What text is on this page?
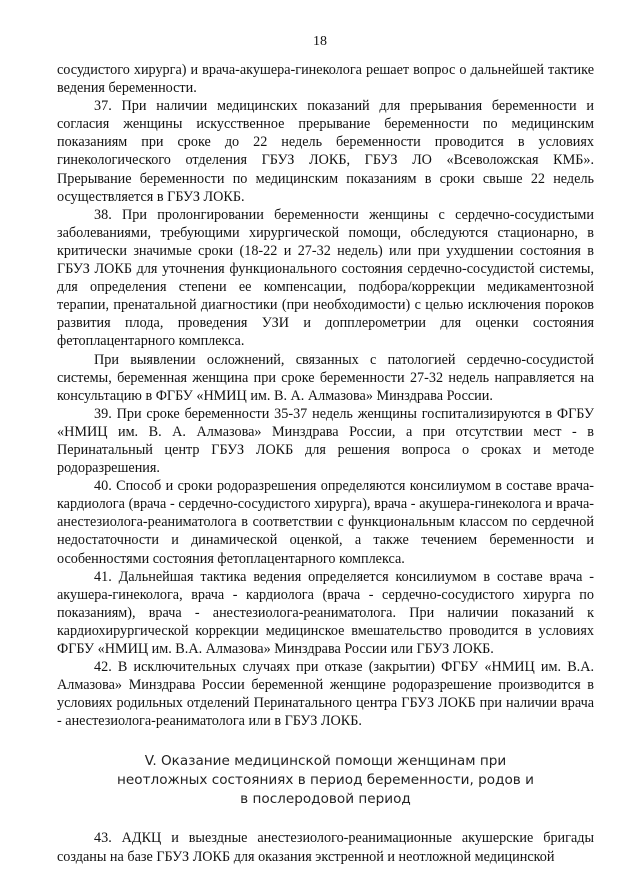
18

сосудистого хирурга) и врача-акушера-гинеколога решает вопрос о дальнейшей тактике ведения беременности.

37. При наличии медицинских показаний для прерывания беременности и согласия женщины искусственное прерывание беременности по медицинским показаниям при сроке до 22 недель беременности проводится в условиях гинекологического отделения ГБУЗ ЛОКБ, ГБУЗ ЛО «Всеволожская КМБ». Прерывание беременности по медицинским показаниям в сроки свыше 22 недель осуществляется в ГБУЗ ЛОКБ.

38. При пролонгировании беременности женщины с сердечно-сосудистыми заболеваниями, требующими хирургической помощи, обследуются стационарно, в критически значимые сроки (18-22 и 27-32 недель) или при ухудшении состояния в ГБУЗ ЛОКБ для уточнения функционального состояния сердечно-сосудистой системы, для определения степени ее компенсации, подбора/коррекции медикаментозной терапии, пренатальной диагностики (при необходимости) с целью исключения пороков развития плода, проведения УЗИ и допплерометрии для оценки состояния фетоплацентарного комплекса.

При выявлении осложнений, связанных с патологией сердечно-сосудистой системы, беременная женщина при сроке беременности 27-32 недель направляется на консультацию в ФГБУ «НМИЦ им. В. А. Алмазова» Минздрава России.

39. При сроке беременности 35-37 недель женщины госпитализируются в ФГБУ «НМИЦ им. В. А. Алмазова» Минздрава России, а при отсутствии мест - в Перинатальный центр ГБУЗ ЛОКБ для решения вопроса о сроках и методе родоразрешения.

40. Способ и сроки родоразрешения определяются консилиумом в составе врача-кардиолога (врача - сердечно-сосудистого хирурга), врача - акушера-гинеколога и врача-анестезиолога-реаниматолога в соответствии с функциональным классом по сердечной недостаточности и динамической оценкой, а также течением беременности и особенностями состояния фетоплацентарного комплекса.

41. Дальнейшая тактика ведения определяется консилиумом в составе врача - акушера-гинеколога, врача - кардиолога (врача - сердечно-сосудистого хирурга по показаниям), врача - анестезиолога-реаниматолога. При наличии показаний к кардиохирургической коррекции медицинское вмешательство проводится в условиях ФГБУ «НМИЦ им. В.А. Алмазова» Минздрава России или ГБУЗ ЛОКБ.

42. В исключительных случаях при отказе (закрытии) ФГБУ «НМИЦ им. В.А. Алмазова» Минздрава России беременной женщине родоразрешение производится в условиях родильных отделений Перинатального центра ГБУЗ ЛОКБ при наличии врача - анестезиолога-реаниматолога или в ГБУЗ ЛОКБ.

V. Оказание медицинской помощи женщинам при
неотложных состояниях в период беременности, родов и
в послеродовой период

43. АДКЦ и выездные анестезиолого-реанимационные акушерские бригады созданы на базе ГБУЗ ЛОКБ для оказания экстренной и неотложной медицинской
